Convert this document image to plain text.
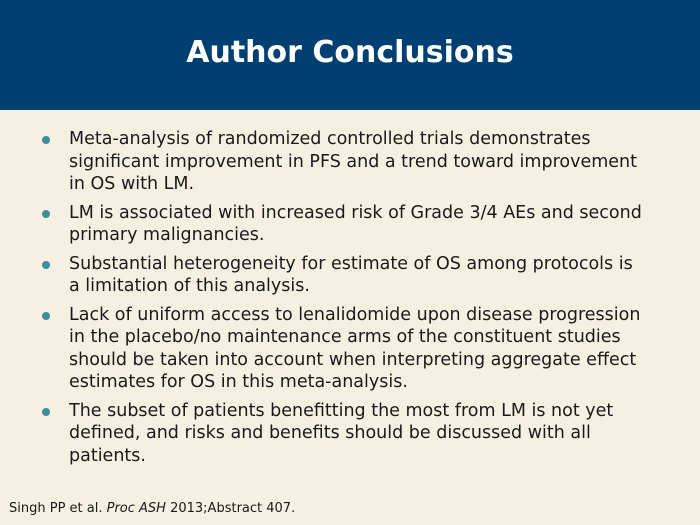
Author Conclusions
Meta-analysis of randomized controlled trials demonstrates significant improvement in PFS and a trend toward improvement in OS with LM.
LM is associated with increased risk of Grade 3/4 AEs and second primary malignancies.
Substantial heterogeneity for estimate of OS among protocols is a limitation of this analysis.
Lack of uniform access to lenalidomide upon disease progression in the placebo/no maintenance arms of the constituent studies should be taken into account when interpreting aggregate effect estimates for OS in this meta-analysis.
The subset of patients benefitting the most from LM is not yet defined, and risks and benefits should be discussed with all patients.
Singh PP et al. Proc ASH 2013;Abstract 407.
